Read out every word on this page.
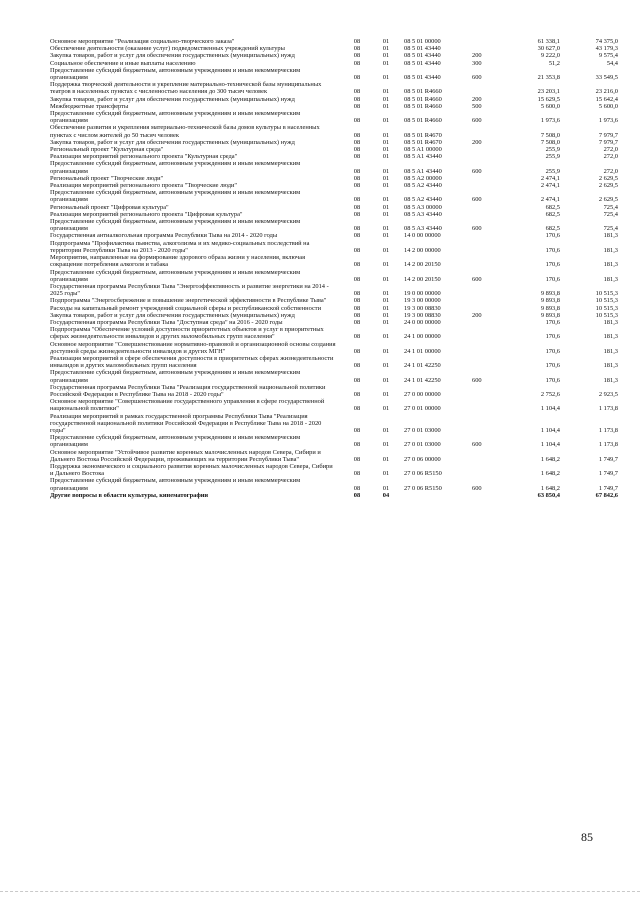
Основное мероприятие "Реализация социально-творческого заказа"	08	01	08 5 01 00000		61 338,1	74 375,0
Обеспечение деятельности (оказание услуг) подведомственных учреждений культуры	08	01	08 5 01 43440		30 627,0	43 179,3
Закупка товаров, работ и услуг для обеспечения государственных (муниципальных) нужд	08	01	08 5 01 43440	200	9 222,0	9 575,4
Социальное обеспечение и иные выплаты населению	08	01	08 5 01 43440	300	51,2	54,4
Предоставление субсидий бюджетным, автономным учреждениям и иным некоммерческим организациям	08	01	08 5 01 43440	600	21 353,8	33 549,5
Поддержка творческой деятельности и укрепление материально-технической базы муниципальных театров в населенных пунктах с численностью населения до 300 тысяч человек	08	01	08 5 01 R4660		23 203,1	23 216,0
Закупка товаров, работ и услуг для обеспечения государственных (муниципальных) нужд	08	01	08 5 01 R4660	200	15 629,5	15 642,4
Межбюджетные трансферты	08	01	08 5 01 R4660	500	5 600,0	5 600,0
Предоставление субсидий бюджетным, автономным учреждениям и иным некоммерческим организациям	08	01	08 5 01 R4660	600	1 973,6	1 973,6
Обеспечение развития и укрепления материально-технической базы домов культуры в населенных пунктах с числом жителей до 50 тысяч человек	08	01	08 5 01 R4670		7 508,0	7 979,7
Закупка товаров, работ и услуг для обеспечения государственных (муниципальных) нужд	08	01	08 5 01 R4670	200	7 508,0	7 979,7
Региональный проект "Культурная среда"	08	01	08 5 A1 00000		255,9	272,0
Реализация мероприятий регионального проекта "Культурная среда"	08	01	08 5 A1 43440		255,9	272,0
Предоставление субсидий бюджетным, автономным учреждениям и иным некоммерческим организациям	08	01	08 5 A1 43440	600	255,9	272,0
Региональный проект "Творческие люди"	08	01	08 5 A2 00000		2 474,1	2 629,5
Реализация мероприятий регионального проекта "Творческие люди"	08	01	08 5 A2 43440		2 474,1	2 629,5
Предоставление субсидий бюджетным, автономным учреждениям и иным некоммерческим организациям	08	01	08 5 A2 43440	600	2 474,1	2 629,5
Региональный проект "Цифровая культура"	08	01	08 5 A3 00000		682,5	725,4
Реализация мероприятий регионального проекта "Цифровая культура"	08	01	08 5 A3 43440		682,5	725,4
Предоставление субсидий бюджетным, автономным учреждениям и иным некоммерческим организациям	08	01	08 5 A3 43440	600	682,5	725,4
Государственная антиалкогольная программа Республики Тыва на 2014 - 2020 годы	08	01	14 0 00 00000		170,6	181,3
Подпрограмма "Профилактика пьянства, алкоголизма и их медико-социальных последствий на территории Республики Тыва на 2013 - 2020 годы"	08	01	14 2 00 00000		170,6	181,3
Мероприятия, направленные на формирование здорового образа жизни у населения, включая сокращение потребления алкоголя и табака	08	01	14 2 00 20150		170,6	181,3
Предоставление субсидий бюджетным, автономным учреждениям и иным некоммерческим организациям	08	01	14 2 00 20150	600	170,6	181,3
Государственная программа Республики Тыва "Энергоэффективность и развитие энергетики на 2014 - 2025 годы"	08	01	19 0 00 00000		9 893,8	10 515,3
Подпрограмма "Энергосбережение и повышение энергетической эффективности в Республике Тыва"	08	01	19 3 00 00000		9 893,8	10 515,3
Расходы на капитальный ремонт учреждений социальной сферы и республиканской собственности	08	01	19 3 00 08830		9 893,8	10 515,3
Закупка товаров, работ и услуг для обеспечения государственных (муниципальных) нужд	08	01	19 3 00 08830	200	9 893,8	10 515,3
Государственная программа Республики Тыва "Доступная среда" на 2016 - 2020 годы	08	01	24 0 00 00000		170,6	181,3
Подпрограмма "Обеспечение условий доступности приоритетных объектов и услуг в приоритетных сферах жизнедеятельности инвалидов и других маломобильных групп населения"	08	01	24 1 00 00000		170,6	181,3
Основное мероприятие "Совершенствование нормативно-правовой и организационной основы создания доступной среды жизнедеятельности инвалидов и других МГН"	08	01	24 1 01 00000		170,6	181,3
Реализация мероприятий в сфере обеспечения доступности в приоритетных сферах жизнедеятельности инвалидов и других маломобильных групп населения	08	01	24 1 01 42250		170,6	181,3
Предоставление субсидий бюджетным, автономным учреждениям и иным некоммерческим организациям	08	01	24 1 01 42250	600	170,6	181,3
Государственная программа Республики Тыва "Реализация государственной национальной политики Российской Федерации в Республике Тыва на 2018 - 2020 годы"	08	01	27 0 00 00000		2 752,6	2 923,5
Основное мероприятие "Совершенствование государственного управления в сфере государственной национальной политики"	08	01	27 0 01 00000		1 104,4	1 173,8
Реализация мероприятий в рамках государственной программы Республики Тыва "Реализация государственной национальной политики Российской Федерации в Республике Тыва на 2018 - 2020 годы"	08	01	27 0 01 03000		1 104,4	1 173,8
Предоставление субсидий бюджетным, автономным учреждениям и иным некоммерческим организациям	08	01	27 0 01 03000	600	1 104,4	1 173,8
Основное мероприятие "Устойчивое развитие коренных малочисленных народов Севера, Сибири и Дальнего Востока Российской Федерации, проживающих на территории Республики Тыва"	08	01	27 0 06 00000		1 648,2	1 749,7
Поддержка экономического и социального развития коренных малочисленных народов Севера, Сибири и Дальнего Востока	08	01	27 0 06 R5150		1 648,2	1 749,7
Предоставление субсидий бюджетным, автономным учреждениям и иным некоммерческим организациям	08	01	27 0 06 R5150	600	1 648,2	1 749,7
Другие вопросы в области культуры, кинематографии	08	04			63 850,4	67 842,6
85
